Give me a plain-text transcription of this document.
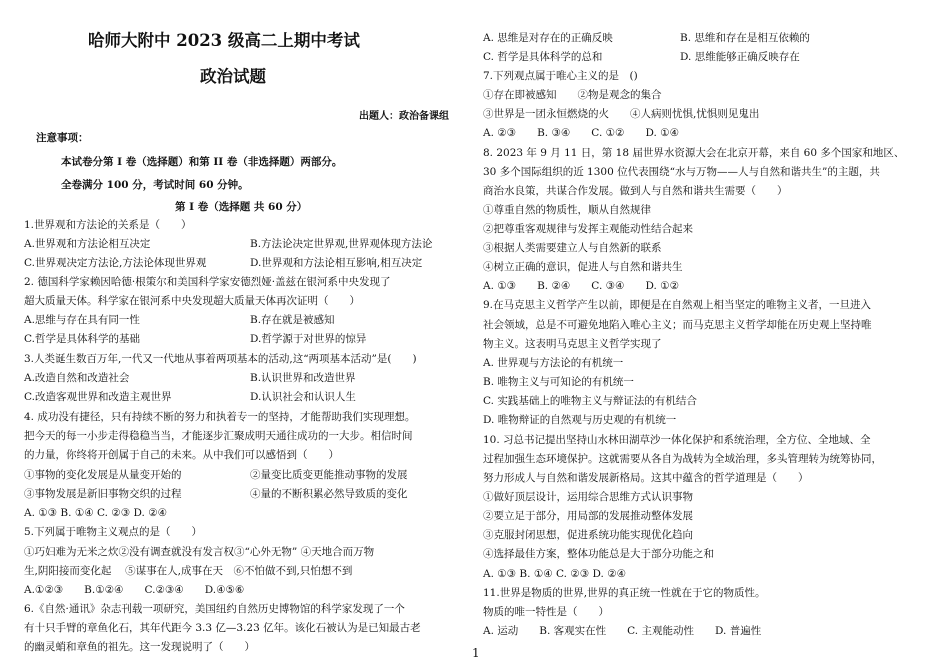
哈师大附中 2023 级高二上期中考试
政治试题
出题人：政治备课组
注意事项：
本试卷分第 I 卷（选择题）和第 II 卷（非选择题）两部分。
全卷满分 100 分，考试时间 60 分钟。
第 I 卷（选择题 共 60 分）
1.世界观和方法论的关系是（　　）
A.世界观和方法论相互决定	B.方法论决定世界观,世界观体现方法论
C.世界观决定方法论,方法论体现世界观	D.世界观和方法论相互影响,相互决定
2. 德国科学家赖因哈德·根策尔和美国科学家安德烈娅·盖兹在银河系中央发现了
超大质量天体。科学家在银河系中央发现超大质量天体再次证明（　　）
A.思维与存在具有同一性	B.存在就是被感知
C.哲学是具体科学的基础	D.哲学源于对世界的惊异
3.人类诞生数百万年,一代又一代地从事着两项基本的活动,这“两项基本活动”是(　　)
A.改造自然和改造社会	B.认识世界和改造世界
C.改造客观世界和改造主观世界	D.认识社会和认识人生
4. 成功没有捷径，只有持续不断的努力和执着专一的坚持，才能帮助我们实现理想。
把今天的每一小步走得稳稳当当，才能逐步汇聚成明天通往成功的一大步。相信时间
的力量，你终将开创属于自己的未来。从中我们可以感悟到（　　）
①事物的变化发展是从量变开始的	②量变比质变更能推动事物的发展
③事物发展是新旧事物交织的过程	④量的不断积累必然导致质的变化
A. ①③ B. ①④ C. ②③ D. ②④
5.下列属于唯物主义观点的是（　　）
①巧妇难为无米之炊②没有调查就没有发言权③“心外无物” ④天地合而万物
生,阴阳接而变化起　 ⑤谋事在人,成事在天　⑥不怕做不到,只怕想不到
A.①②③　　B.①②④　　C.②③④　　D.④⑤⑥
6.《自然·通讯》杂志刊载一项研究，美国纽约自然历史博物馆的科学家发现了一个
有十只手臂的章鱼化石，其年代距今 3.3 亿—3.23 亿年。该化石被认为是已知最古老
的幽灵蛸和章鱼的祖先。这一发现说明了（　　）
A. 思维是对存在的正确反映	B. 思维和存在是相互依赖的
C. 哲学是具体科学的总和	D. 思维能够正确反映存在
7.下列观点属于唯心主义的是　()
①存在即被感知　　②物是观念的集合
③世界是一团永恒燃烧的火　　④人病则忧惧,忧惧则见鬼出
A. ②③　　B. ③④　　C. ①②　　D. ①④
8. 2023 年 9 月 11 日，第 18 届世界水资源大会在北京开幕，来自 60 多个国家和地区、
30 多个国际组织的近 1300 位代表围绕“水与万物——人与自然和谐共生”的主题，共
商治水良策，共谋合作发展。做到人与自然和谐共生需要（　　）
①尊重自然的物质性，顺从自然规律
②把尊重客观规律与发挥主观能动性结合起来
③根据人类需要建立人与自然新的联系
④树立正确的意识，促进人与自然和谐共生
A. ①③　　B. ②④　　C. ③④　　D. ①②
9.在马克思主义哲学产生以前，即便是在自然观上相当坚定的唯物主义者，一旦进入
社会领域，总是不可避免地陷入唯心主义；而马克思主义哲学却能在历史观上坚持唯
物主义。这表明马克思主义哲学实现了
A. 世界观与方法论的有机统一
B. 唯物主义与可知论的有机统一
C. 实践基础上的唯物主义与辩证法的有机结合
D. 唯物辩证的自然观与历史观的有机统一
10. 习总书记提出坚持山水林田湖草沙一体化保护和系统治理，全方位、全地域、全
过程加强生态环境保护。这就需要从各自为战转为全域治理，多头管理转为统筹协同，
努力形成人与自然和谐发展新格局。这其中蕴含的哲学道理是（　　）
①做好顶层设计，运用综合思维方式认识事物
②要立足于部分，用局部的发展推动整体发展
③克服封闭思想，促进系统功能实现优化趋向
④选择最佳方案，整体功能总是大于部分功能之和
A. ①③ B. ①④ C. ②③ D. ②④
11.世界是物质的世界,世界的真正统一性就在于它的物质性。
物质的唯一特性是（　　）
A. 运动　　B. 客观实在性　　C. 主观能动性　　D. 普遍性
1
